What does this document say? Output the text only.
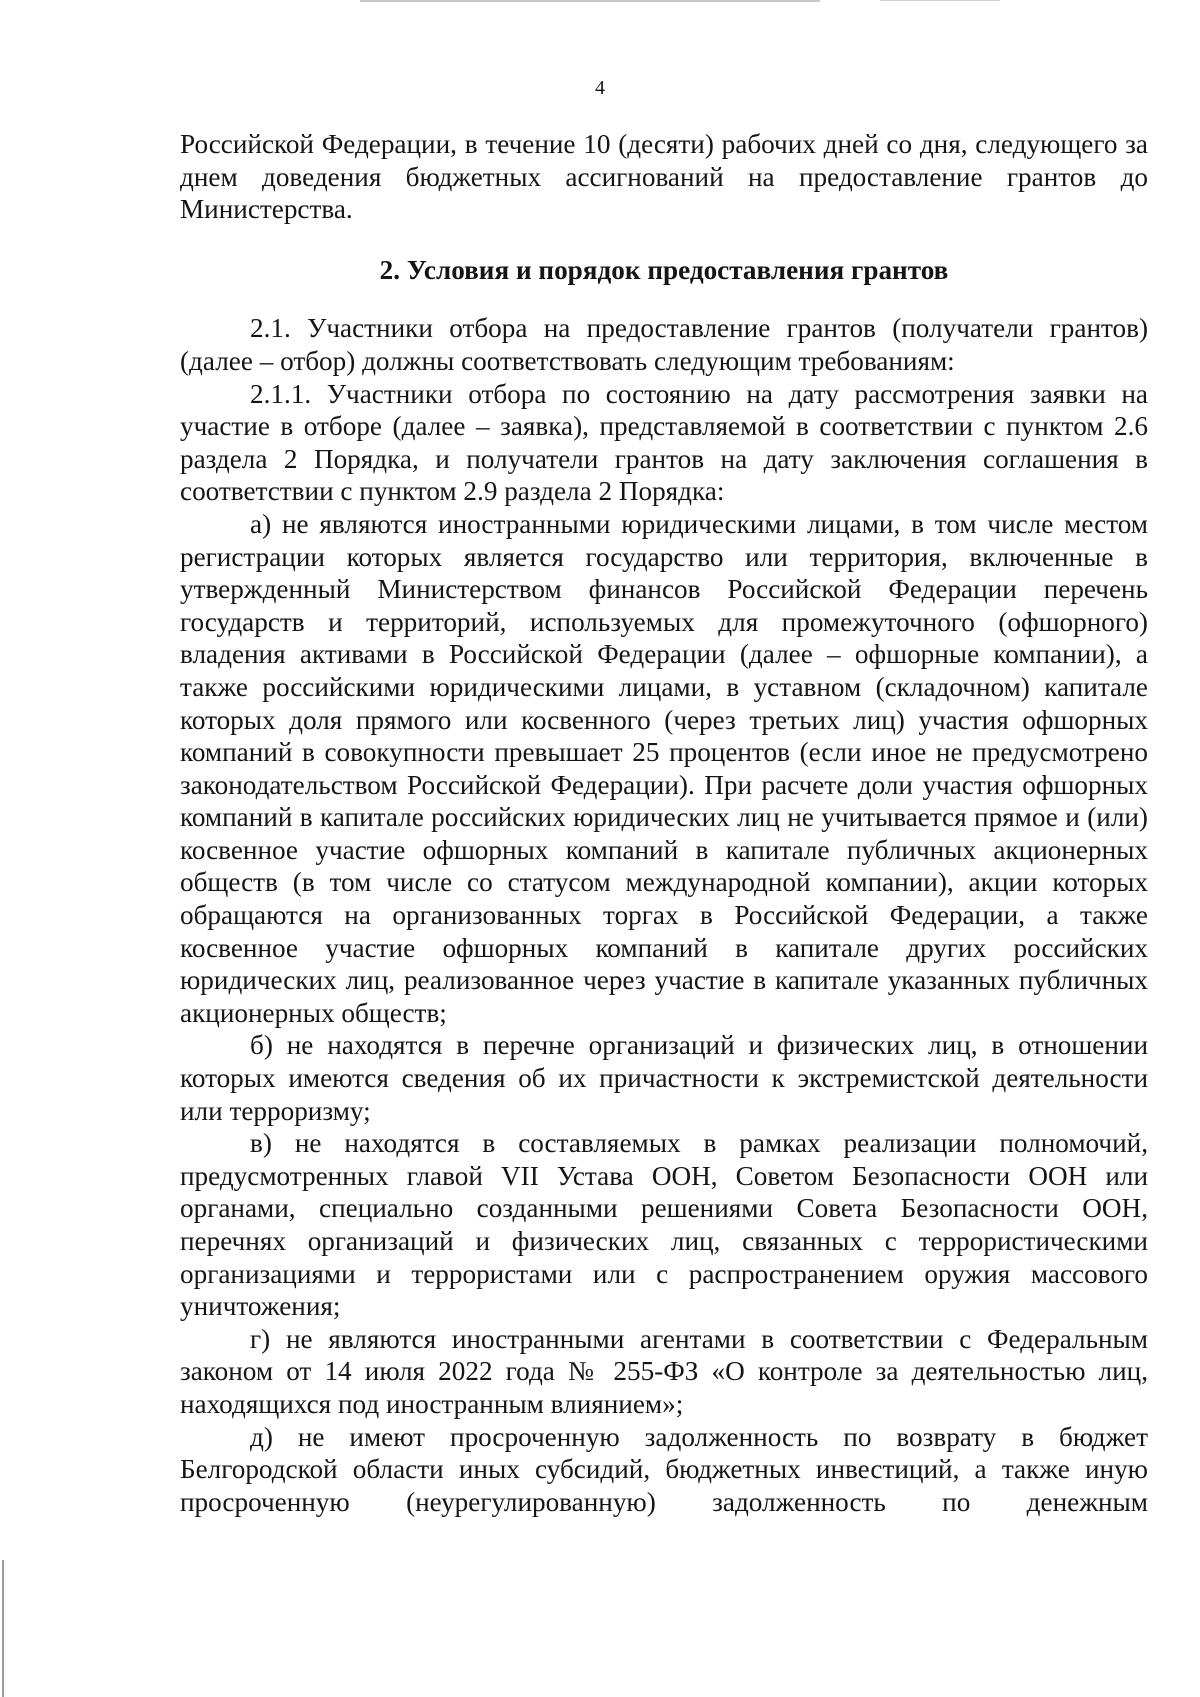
4

Российской Федерации, в течение 10 (десяти) рабочих дней со дня, следующего за днем доведения бюджетных ассигнований на предоставление грантов до Министерства.

2. Условия и порядок предоставления грантов

2.1. Участники отбора на предоставление грантов (получатели грантов) (далее – отбор) должны соответствовать следующим требованиям:

2.1.1. Участники отбора по состоянию на дату рассмотрения заявки на участие в отборе (далее – заявка), представляемой в соответствии с пунктом 2.6 раздела 2 Порядка, и получатели грантов на дату заключения соглашения в соответствии с пунктом 2.9 раздела 2 Порядка:

а) не являются иностранными юридическими лицами, в том числе местом регистрации которых является государство или территория, включенные в утвержденный Министерством финансов Российской Федерации перечень государств и территорий, используемых для промежуточного (офшорного) владения активами в Российской Федерации (далее – офшорные компании), а также российскими юридическими лицами, в уставном (складочном) капитале которых доля прямого или косвенного (через третьих лиц) участия офшорных компаний в совокупности превышает 25 процентов (если иное не предусмотрено законодательством Российской Федерации). При расчете доли участия офшорных компаний в капитале российских юридических лиц не учитывается прямое и (или) косвенное участие офшорных компаний в капитале публичных акционерных обществ (в том числе со статусом международной компании), акции которых обращаются на организованных торгах в Российской Федерации, а также косвенное участие офшорных компаний в капитале других российских юридических лиц, реализованное через участие в капитале указанных публичных акционерных обществ;

б) не находятся в перечне организаций и физических лиц, в отношении которых имеются сведения об их причастности к экстремистской деятельности или терроризму;

в) не находятся в составляемых в рамках реализации полномочий, предусмотренных главой VII Устава ООН, Советом Безопасности ООН или органами, специально созданными решениями Совета Безопасности ООН, перечнях организаций и физических лиц, связанных с террористическими организациями и террористами или с распространением оружия массового уничтожения;

г) не являются иностранными агентами в соответствии с Федеральным законом от 14 июля 2022 года № 255-ФЗ «О контроле за деятельностью лиц, находящихся под иностранным влиянием»;

д) не имеют просроченную задолженность по возврату в бюджет Белгородской области иных субсидий, бюджетных инвестиций, а также иную просроченную (неурегулированную) задолженность по денежным
